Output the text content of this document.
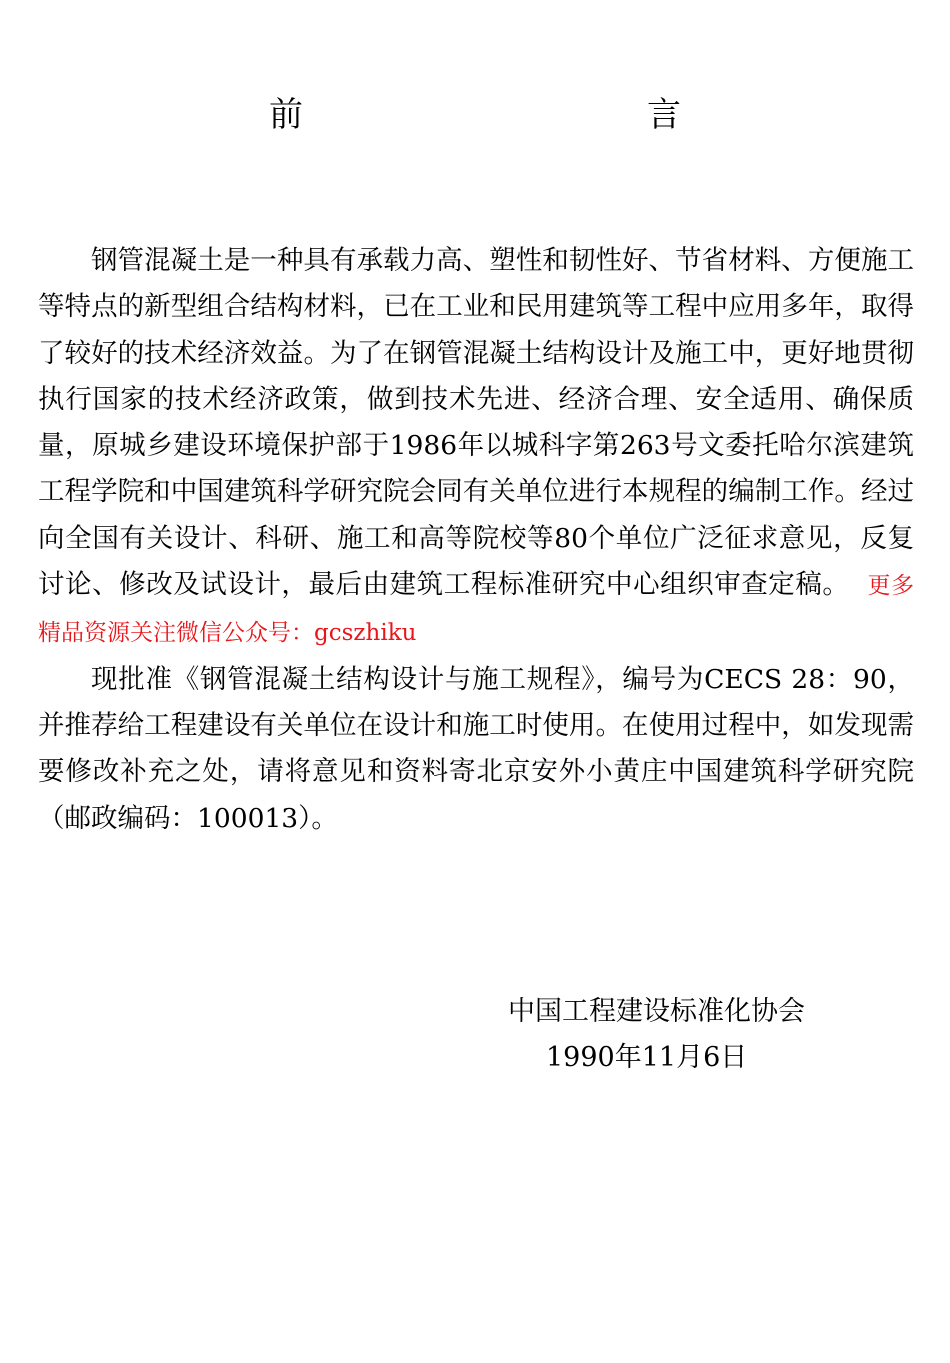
前　　言

钢管混凝土是一种具有承载力高、塑性和韧性好、节省材料、方便施工等特点的新型组合结构材料，已在工业和民用建筑等工程中应用多年，取得了较好的技术经济效益。为了在钢管混凝土结构设计及施工中，更好地贯彻执行国家的技术经济政策，做到技术先进、经济合理、安全适用、确保质量，原城乡建设环境保护部于1986年以城科字第263号文委托哈尔滨建筑工程学院和中国建筑科学研究院会同有关单位进行本规程的编制工作。经过向全国有关设计、科研、施工和高等院校等80个单位广泛征求意见，反复讨论、修改及试设计，最后由建筑工程标准研究中心组织审查定稿。 更多精品资源关注微信公众号：gcszhiku

现批准《钢管混凝土结构设计与施工规程》，编号为CECS 28：90，并推荐给工程建设有关单位在设计和施工时使用。在使用过程中，如发现需要修改补充之处，请将意见和资料寄北京安外小黄庄中国建筑科学研究院（邮政编码：100013）。

中国工程建设标准化协会
1990年11月6日
